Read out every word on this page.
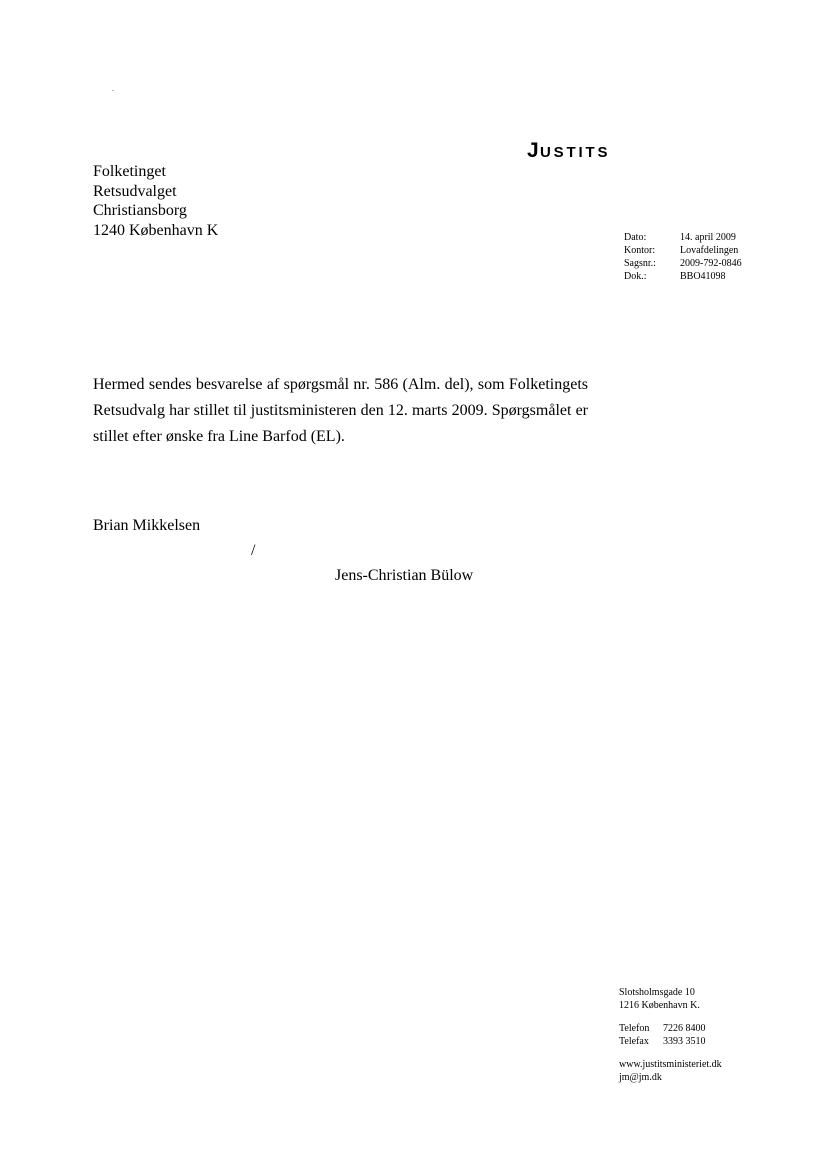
.
JUSTITS
Folketinget
Retsudvalget
Christiansborg
1240 København K	Dato:	14. april 2009
Kontor:	Lovafdelingen
Sagsnr.:	2009-792-0846
Dok.:	BBO41098
Hermed sendes besvarelse af spørgsmål nr. 586 (Alm. del), som Folketingets Retsudvalg har stillet til justitsministeren den 12. marts 2009. Spørgsmålet er stillet efter ønske fra Line Barfod (EL).
Brian Mikkelsen
/
Jens-Christian Bülow
Slotsholmsgade 10
1216 København K.
Telefon 7226 8400
Telefax 3393 3510
www.justitsministeriet.dk
jm@jm.dk
